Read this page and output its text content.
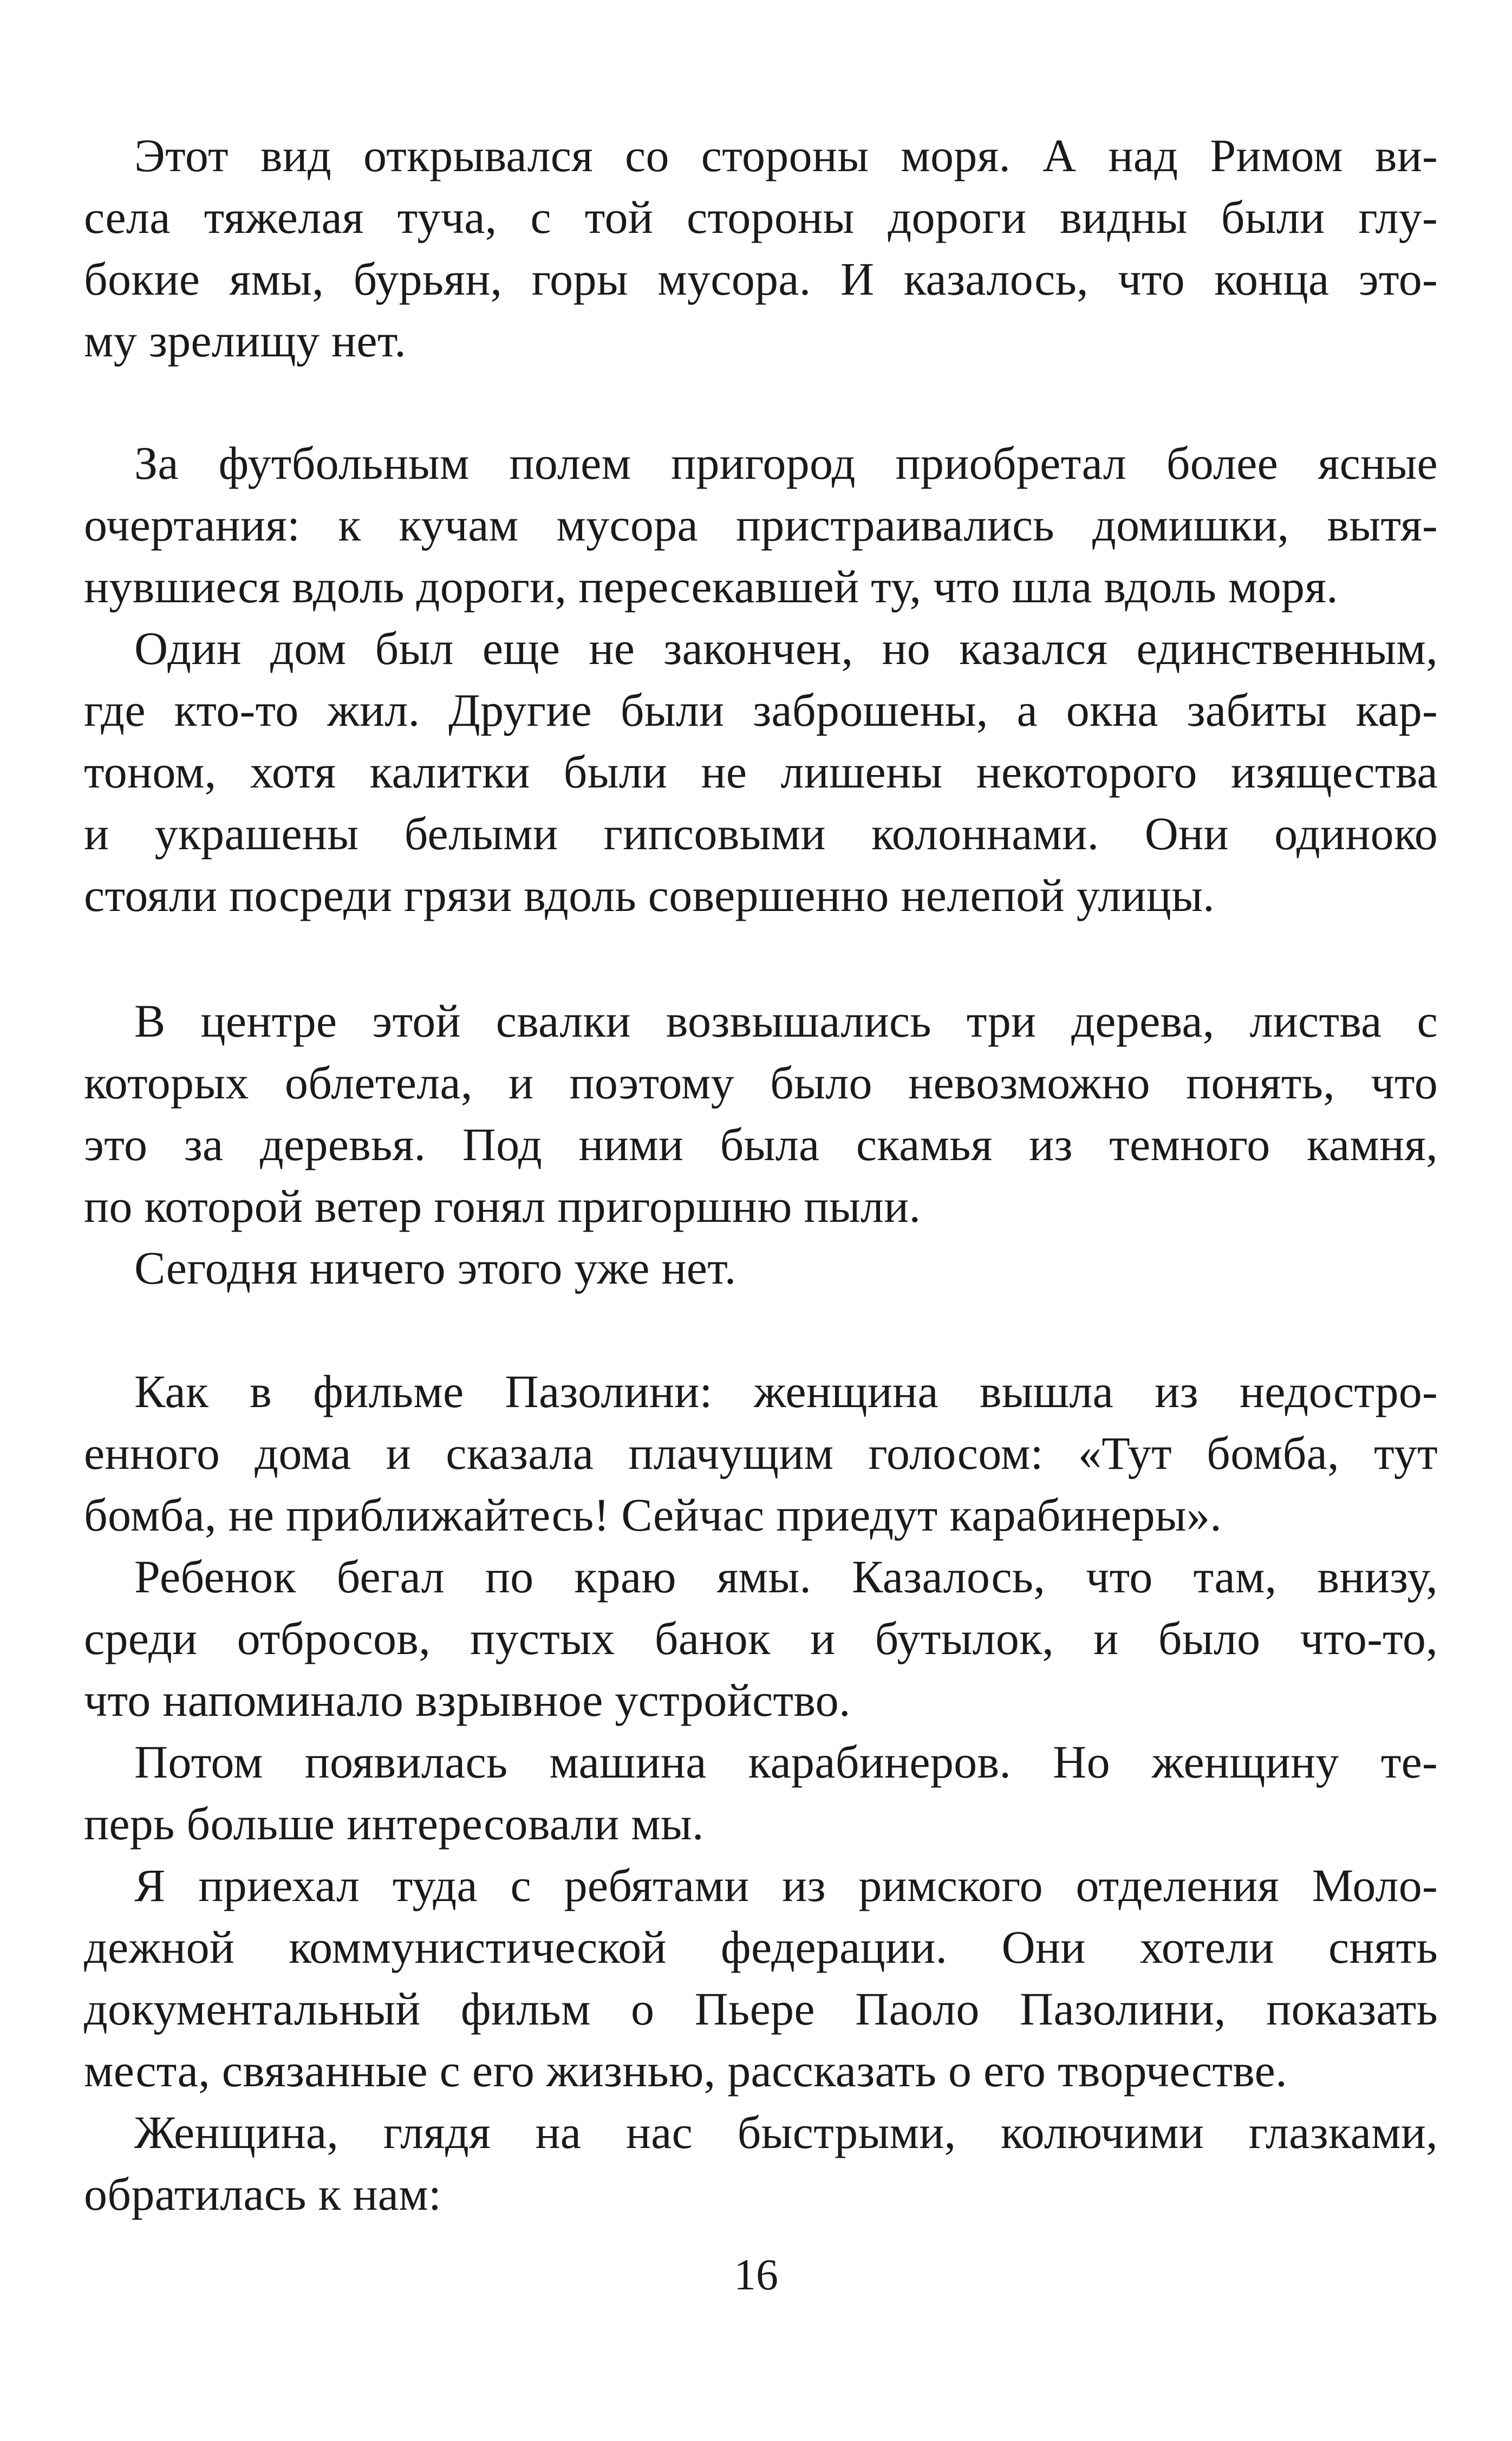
Этот вид открывался со стороны моря. А над Римом ви-
села тяжелая туча, с той стороны дороги видны были глу-
бокие ямы, бурьян, горы мусора. И казалось, что конца это-
му зрелищу нет.
За футбольным полем пригород приобретал более ясные
очертания: к кучам мусора пристраивались домишки, вытя-
нувшиеся вдоль дороги, пересекавшей ту, что шла вдоль моря.
Один дом был еще не закончен, но казался единственным,
где кто-то жил. Другие были заброшены, а окна забиты кар-
тоном, хотя калитки были не лишены некоторого изящества
и украшены белыми гипсовыми колоннами. Они одиноко
стояли посреди грязи вдоль совершенно нелепой улицы.
В центре этой свалки возвышались три дерева, листва с
которых облетела, и поэтому было невозможно понять, что
это за деревья. Под ними была скамья из темного камня,
по которой ветер гонял пригоршню пыли.
Сегодня ничего этого уже нет.
Как в фильме Пазолини: женщина вышла из недостро-
енного дома и сказала плачущим голосом: «Тут бомба, тут
бомба, не приближайтесь! Сейчас приедут карабинеры».
Ребенок бегал по краю ямы. Казалось, что там, внизу,
среди отбросов, пустых банок и бутылок, и было что-то,
что напоминало взрывное устройство.
Потом появилась машина карабинеров. Но женщину те-
перь больше интересовали мы.
Я приехал туда с ребятами из римского отделения Моло-
дежной коммунистической федерации. Они хотели снять
документальный фильм о Пьере Паоло Пазолини, показать
места, связанные с его жизнью, рассказать о его творчестве.
Женщина, глядя на нас быстрыми, колючими глазками,
обратилась к нам:
16
